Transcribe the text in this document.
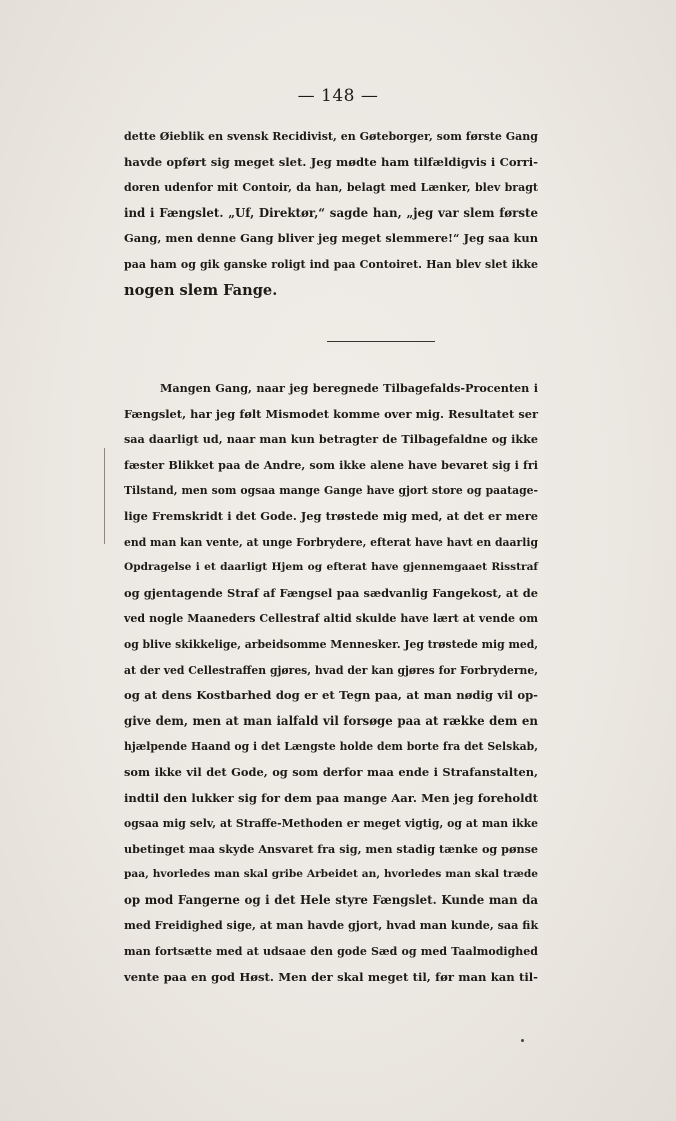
— 148 —
dette Øieblik en svensk Recidivist, en Gøteborger, som første Gang
havde opført sig meget slet. Jeg mødte ham tilfældigvis i Corri-
doren udenfor mit Contoir, da han, belagt med Lænker, blev bragt
ind i Fængslet. „Uf, Direktør,“ sagde han, „jeg var slem første
Gang, men denne Gang bliver jeg meget slemmere!“ Jeg saa kun
paa ham og gik ganske roligt ind paa Contoiret. Han blev slet ikke
nogen slem Fange.
Mangen Gang, naar jeg beregnede Tilbagefalds-Procenten i
Fængslet, har jeg følt Mismodet komme over mig. Resultatet ser
saa daarligt ud, naar man kun betragter de Tilbagefaldne og ikke
fæster Blikket paa de Andre, som ikke alene have bevaret sig i fri
Tilstand, men som ogsaa mange Gange have gjort store og paatage-
lige Fremskridt i det Gode. Jeg trøstede mig med, at det er mere
end man kan vente, at unge Forbrydere, efterat have havt en daarlig
Opdragelse i et daarligt Hjem og efterat have gjennemgaaet Risstraf
og gjentagende Straf af Fængsel paa sædvanlig Fangekost, at de
ved nogle Maaneders Cellestraf altid skulde have lært at vende om
og blive skikkelige, arbeidsomme Mennesker. Jeg trøstede mig med,
at der ved Cellestraffen gjøres, hvad der kan gjøres for Forbryderne,
og at dens Kostbarhed dog er et Tegn paa, at man nødig vil op-
give dem, men at man ialfald vil forsøge paa at række dem en
hjælpende Haand og i det Længste holde dem borte fra det Selskab,
som ikke vil det Gode, og som derfor maa ende i Strafanstalten,
indtil den lukker sig for dem paa mange Aar. Men jeg foreholdt
ogsaa mig selv, at Straffe-Methoden er meget vigtig, og at man ikke
ubetinget maa skyde Ansvaret fra sig, men stadig tænke og pønse
paa, hvorledes man skal gribe Arbeidet an, hvorledes man skal træde
op mod Fangerne og i det Hele styre Fængslet. Kunde man da
med Freidighed sige, at man havde gjort, hvad man kunde, saa fik
man fortsætte med at udsaae den gode Sæd og med Taalmodighed
vente paa en god Høst. Men der skal meget til, før man kan til-
